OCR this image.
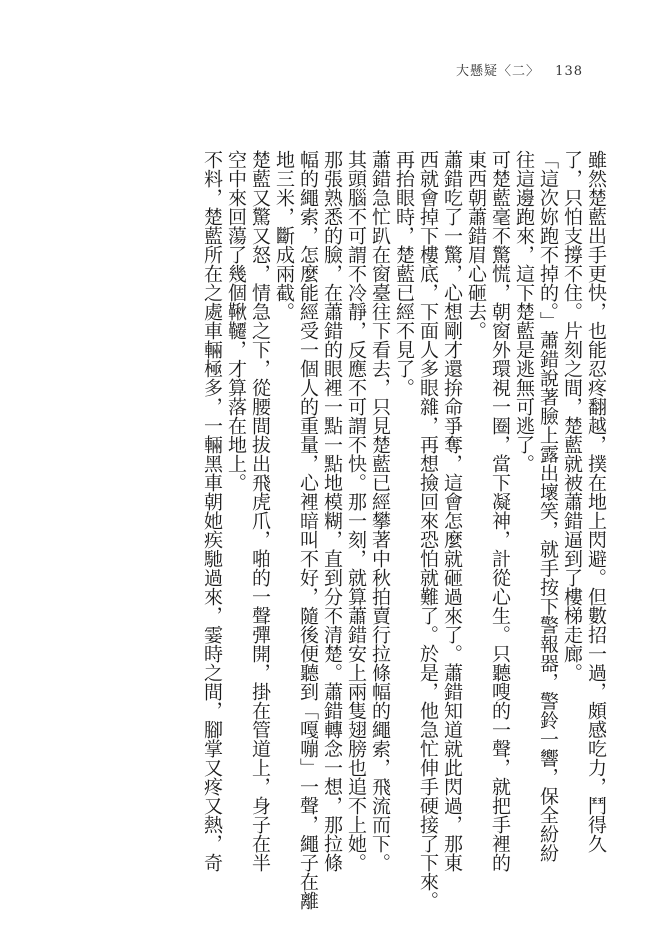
大懸疑〈二〉 138
雖然楚藍出手更快，也能忍疼翻越，撲在地上閃避。但數招一過，頗感吃力，鬥得久
了，只怕支撐不住。片刻之間，楚藍就被蕭錯逼到了樓梯走廊。
「這次妳跑不掉的。」蕭錯說著臉上露出壞笑，就手按下警報器，警鈴一響，保全紛紛
往這邊跑來，這下楚藍是逃無可逃了。
可楚藍毫不驚慌，朝窗外環視一圈，當下凝神，計從心生。只聽嗖的一聲，就把手裡的
東西朝蕭錯眉心砸去。
蕭錯吃了一驚，心想剛才還拚命爭奪，這會怎麼就砸過來了。蕭錯知道就此閃過，那東
西就會掉下樓底，下面人多眼雜，再想撿回來恐怕就難了。於是，他急忙伸手硬接了下來。
再抬眼時，楚藍已經不見了。
蕭錯急忙趴在窗臺往下看去，只見楚藍已經攀著中秋拍賣行拉條幅的繩索，飛流而下。
其頭腦不可謂不冷靜，反應不可謂不快。那一刻，就算蕭錯安上兩隻翅膀也追不上她。
那張熟悉的臉，在蕭錯的眼裡一點一點地模糊，直到分不清楚。蕭錯轉念一想，那拉條
幅的繩索，怎麼能經受一個人的重量，心裡暗叫不好，隨後便聽到「嘎嘣」一聲，繩子在離
地三米，斷成兩截。
楚藍又驚又怒，情急之下，從腰間拔出飛虎爪，啪的一聲彈開，掛在管道上，身子在半
空中來回蕩了幾個鞦韆，才算落在地上。
不料，楚藍所在之處車輛極多，一輛黑車朝她疾馳過來，霎時之間，腳掌又疼又熱，奇
